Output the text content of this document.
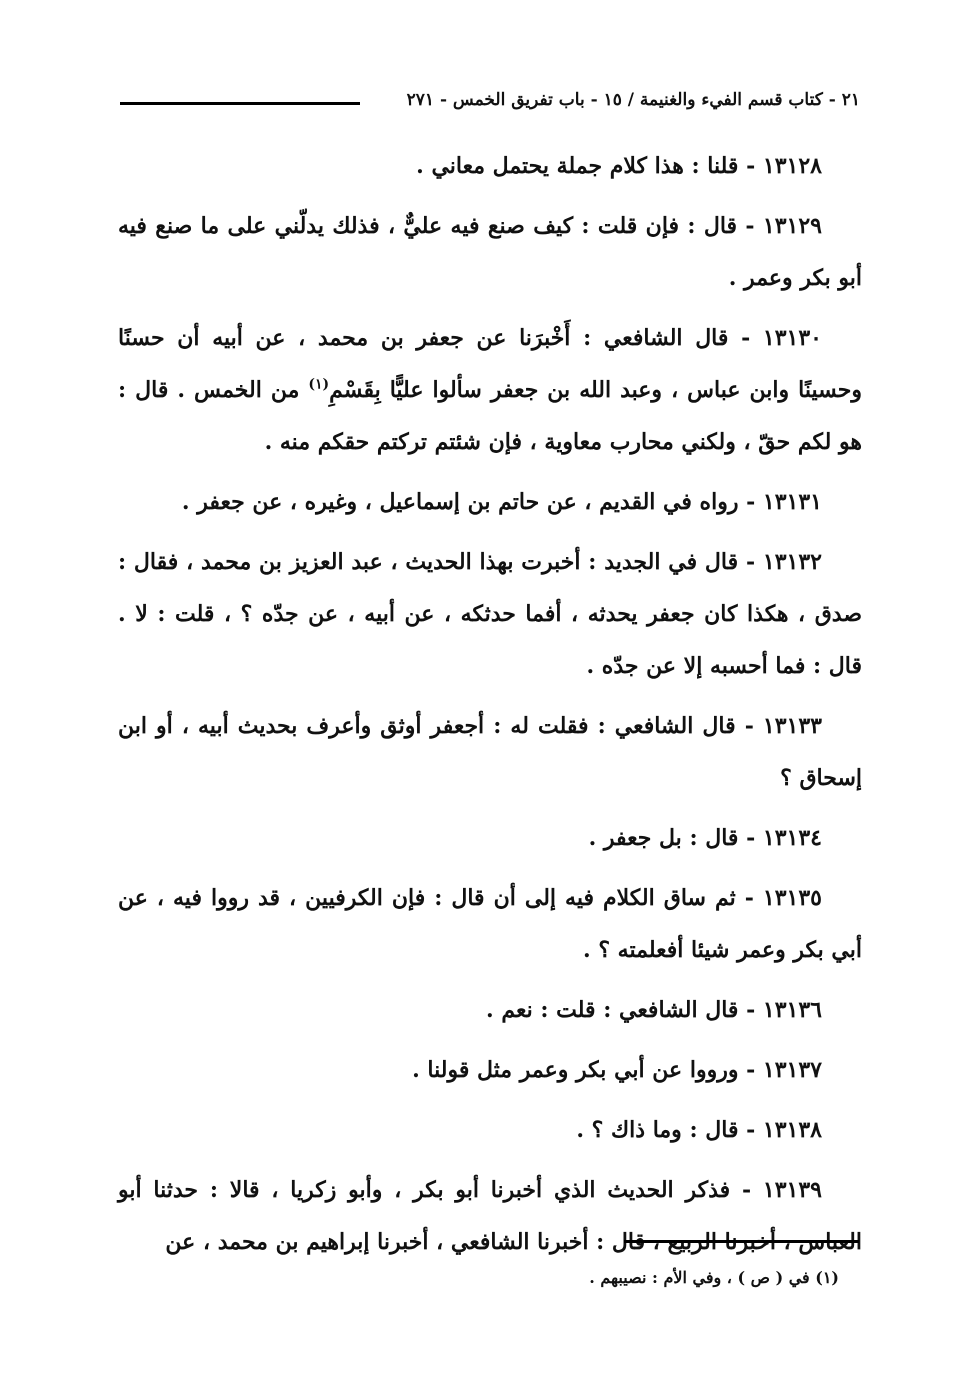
٢١ - كتاب قسم الفيء والغنيمة / ١٥ - باب تفريق الخمس - ٢٧١

١٣١٢٨ - قلنا : هذا كلام جملة يحتمل معاني .

١٣١٢٩ - قال : فإن قلت : كيف صنع فيه عليٌّ ، فذلك يدلّني على ما صنع فيه أبو بكر وعمر .

١٣١٣٠ - قال الشافعي : أَخْبرَنا عن جعفر بن محمد ، عن أبيه أن حسنًا وحسينًا وابن عباس ، وعبد الله بن جعفر سألوا عليًّا بِقَسْمِ$^{(١)}$ من الخمس . قال : هو لكم حقّ ، ولكني محارب معاوية ، فإن شئتم تركتم حقكم منه .

١٣١٣١ - رواه في القديم ، عن حاتم بن إسماعيل ، وغيره ، عن جعفر .

١٣١٣٢ - قال في الجديد : أخبرت بهذا الحديث ، عبد العزيز بن محمد ، فقال : صدق ، هكذا كان جعفر يحدثه ، أفما حدثكه ، عن أبيه ، عن جدّه ؟ ، قلت : لا . قال : فما أحسبه إلا عن جدّه .

١٣١٣٣ - قال الشافعي : فقلت له : أجعفر أوثق وأعرف بحديث أبيه ، أو ابن إسحاق ؟

١٣١٣٤ - قال : بل جعفر .

١٣١٣٥ - ثم ساق الكلام فيه إلى أن قال : فإن الكرفيين ، قد رووا فيه ، عن أبي بكر وعمر شيئا أفعلمته ؟ .

١٣١٣٦ - قال الشافعي : قلت : نعم .

١٣١٣٧ - ورووا عن أبي بكر وعمر مثل قولنا .

١٣١٣٨ - قال : وما ذاك ؟ .

١٣١٣٩ - فذكر الحديث الذي أخبرنا أبو بكر ، وأبو زكريا ، قالا : حدثنا أبو العباس ، أخبرنا الربيع ، قال : أخبرنا الشافعي ، أخبرنا إبراهيم بن محمد ، عن

(١) في ( ص ) ، وفي الأم : نصيبهم .
